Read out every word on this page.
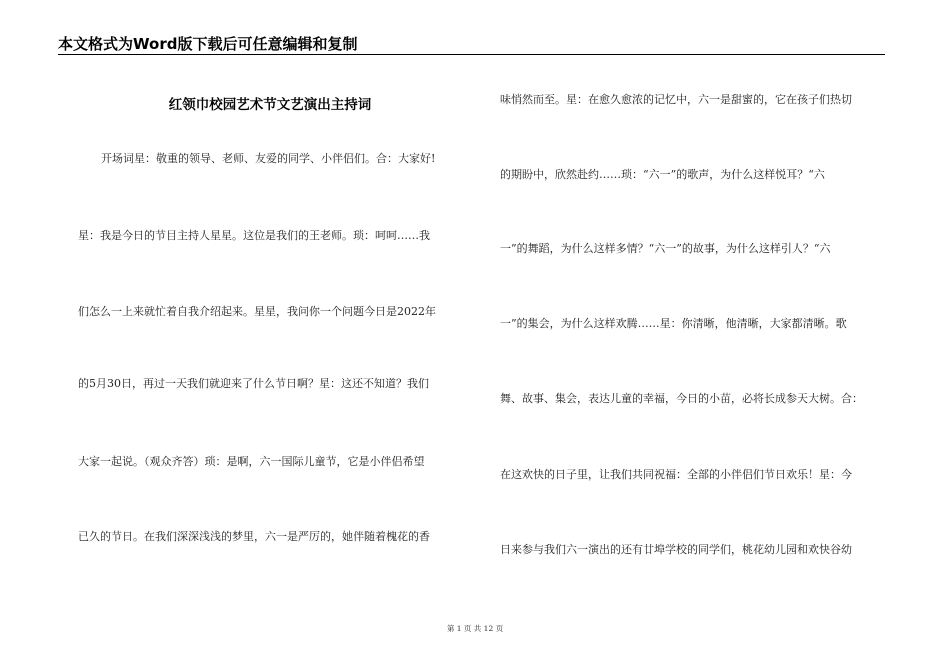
本文格式为Word版下载后可任意编辑和复制
红领巾校园艺术节文艺演出主持词
开场词星：敬重的领导、老师、友爱的同学、小伴侣们。合：大家好!
星：我是今日的节目主持人星星。这位是我们的王老师。琐：呵呵……我
们怎么一上来就忙着自我介绍起来。星星，我问你一个问题今日是2022年
的5月30日，再过一天我们就迎来了什么节日啊？星：这还不知道？我们
大家一起说。（观众齐答）琐：是啊，六一国际儿童节，它是小伴侣希望
已久的节日。在我们深深浅浅的梦里，六一是严厉的，她伴随着槐花的香
味悄然而至。星：在愈久愈浓的记忆中，六一是甜蜜的，它在孩子们热切
的期盼中，欣然赴约……琐：“六一”的歌声，为什么这样悦耳？“六
一”的舞蹈，为什么这样多情？“六一”的故事，为什么这样引人？“六
一”的集会，为什么这样欢腾……星：你清晰，他清晰，大家都清晰。歌
舞、故事、集会，表达儿童的幸福，今日的小苗，必将长成参天大树。合：
在这欢快的日子里，让我们共同祝福：全部的小伴侣们节日欢乐！星：今
日来参与我们六一演出的还有廿埠学校的同学们，桃花幼儿园和欢快谷幼
第 1 页 共 12 页
